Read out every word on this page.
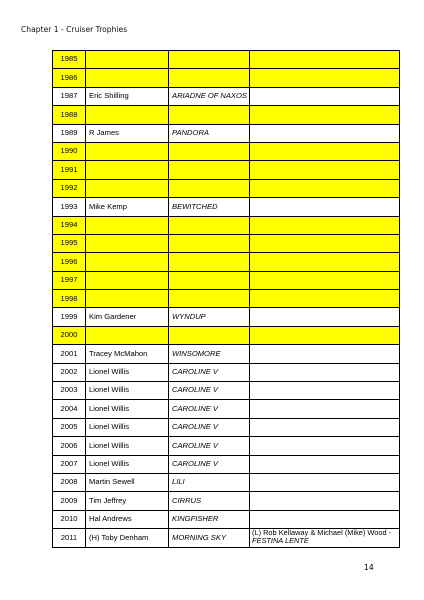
Chapter 1 - Cruiser Trophies
1985			
1986			
1987	Eric Shilling	ARIADNE OF NAXOS	
1988			
1989	R James	PANDORA	
1990			
1991			
1992			
1993	Mike Kemp	BEWITCHED	
1994			
1995			
1996			
1997			
1998			
1999	Kim Gardener	WYNDUP	
2000			
2001	Tracey McMahon	WINSOMORE	
2002	Lionel Willis	CAROLINE V	
2003	Lionel Willis	CAROLINE V	
2004	Lionel Willis	CAROLINE V	
2005	Lionel Willis	CAROLINE V	
2006	Lionel Willis	CAROLINE V	
2007	Lionel Willis	CAROLINE V	
2008	Martin Sewell	LILI	
2009	Tim Jeffrey	CIRRUS	
2010	Hal Andrews	KINGFISHER	
2011	(H) Toby Denham	MORNING SKY	(L) Rob Kellaway & Michael (Mike) Wood - FESTINA LENTE
14
